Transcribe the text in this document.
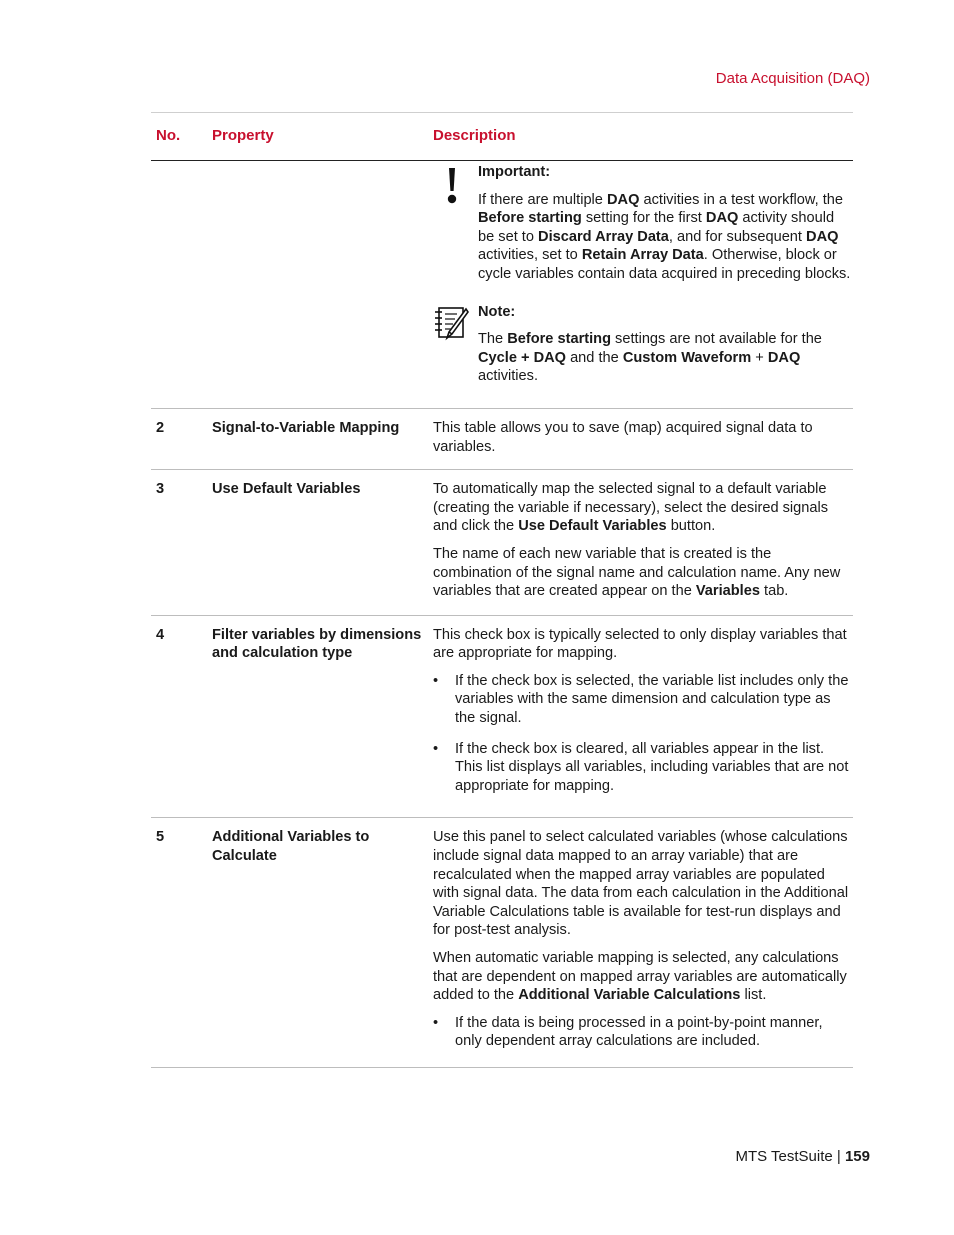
Data Acquisition (DAQ)
No. Property	Description

Important:

If there are multiple DAQ activities in a test workflow, the Before starting setting for the first DAQ activity should be set to Discard Array Data, and for subsequent DAQ activities, set to Retain Array Data. Otherwise, block or cycle variables contain data acquired in preceding blocks.

Note:

The Before starting settings are not available for the Cycle + DAQ and the Custom Waveform + DAQ activities.

2	Signal-to-Variable Mapping	This table allows you to save (map) acquired signal data to variables.

3	Use Default Variables	To automatically map the selected signal to a default variable (creating the variable if necessary), select the desired signals and click the Use Default Variables button.

The name of each new variable that is created is the combination of the signal name and calculation name. Any new variables that are created appear on the Variables tab.

4	Filter variables by dimensions and calculation type

This check box is typically selected to only display variables that are appropriate for mapping.

• If the check box is selected, the variable list includes only the variables with the same dimension and calculation type as the signal.

• If the check box is cleared, all variables appear in the list. This list displays all variables, including variables that are not appropriate for mapping.

5	Additional Variables to Calculate

Use this panel to select calculated variables (whose calculations include signal data mapped to an array variable) that are recalculated when the mapped array variables are populated with signal data. The data from each calculation in the Additional Variable Calculations table is available for test-run displays and for post-test analysis.

When automatic variable mapping is selected, any calculations that are dependent on mapped array variables are automatically added to the Additional Variable Calculations list.

• If the data is being processed in a point-by-point manner, only dependent array calculations are included.

MTS TestSuite | 159
